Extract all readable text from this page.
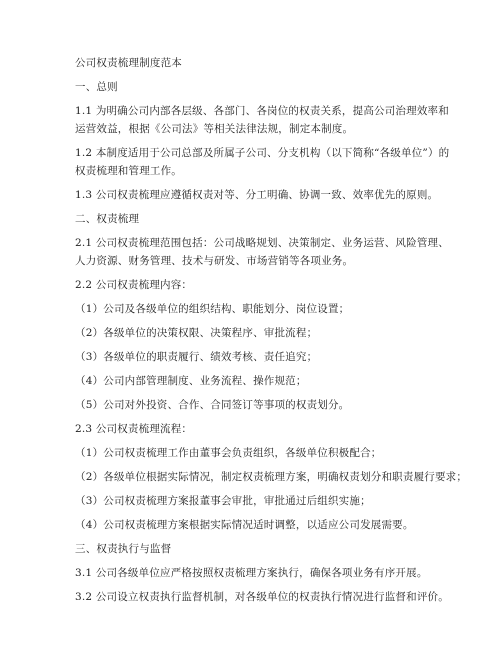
公司权责梳理制度范本
一、总则
1.1 为明确公司内部各层级、各部门、各岗位的权责关系，提高公司治理效率和运营效益，根据《公司法》等相关法律法规，制定本制度。
1.2 本制度适用于公司总部及所属子公司、分支机构（以下简称“各级单位”）的权责梳理和管理工作。
1.3 公司权责梳理应遵循权责对等、分工明确、协调一致、效率优先的原则。
二、权责梳理
2.1 公司权责梳理范围包括：公司战略规划、决策制定、业务运营、风险管理、人力资源、财务管理、技术与研发、市场营销等各项业务。
2.2 公司权责梳理内容：
（1）公司及各级单位的组织结构、职能划分、岗位设置；
（2）各级单位的决策权限、决策程序、审批流程；
（3）各级单位的职责履行、绩效考核、责任追究；
（4）公司内部管理制度、业务流程、操作规范；
（5）公司对外投资、合作、合同签订等事项的权责划分。
2.3 公司权责梳理流程：
（1）公司权责梳理工作由董事会负责组织，各级单位积极配合；
（2）各级单位根据实际情况，制定权责梳理方案，明确权责划分和职责履行要求；
（3）公司权责梳理方案报董事会审批，审批通过后组织实施；
（4）公司权责梳理方案根据实际情况适时调整，以适应公司发展需要。
三、权责执行与监督
3.1 公司各级单位应严格按照权责梳理方案执行，确保各项业务有序开展。
3.2 公司设立权责执行监督机制，对各级单位的权责执行情况进行监督和评价。
